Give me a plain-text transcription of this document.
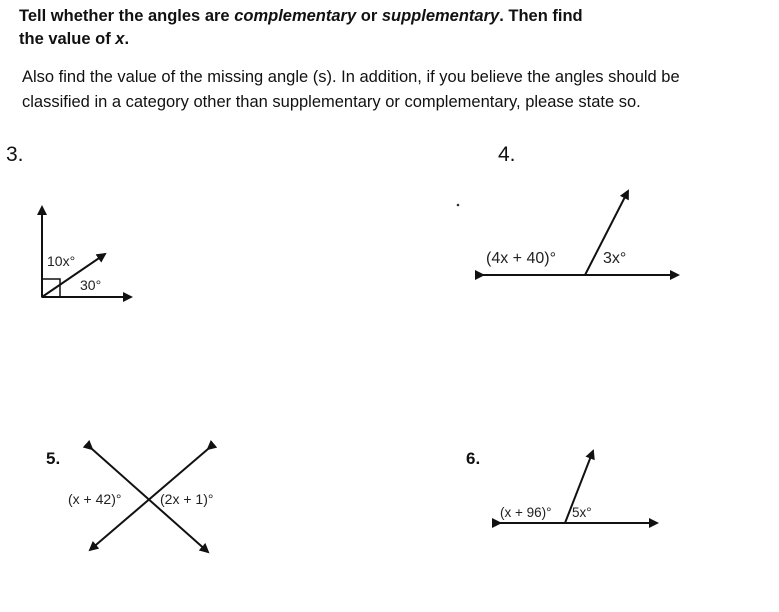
Tell whether the angles are complementary or supplementary. Then find
the value of x.
Also find the value of the missing angle (s). In addition, if you believe the angles should be
classified in a category other than supplementary or complementary, please state so.
3.	4.
5.	6.
10x°
30°
(4x + 40)°	3x°
(x + 42)°	(2x + 1)°
(x + 96)° 5x°
